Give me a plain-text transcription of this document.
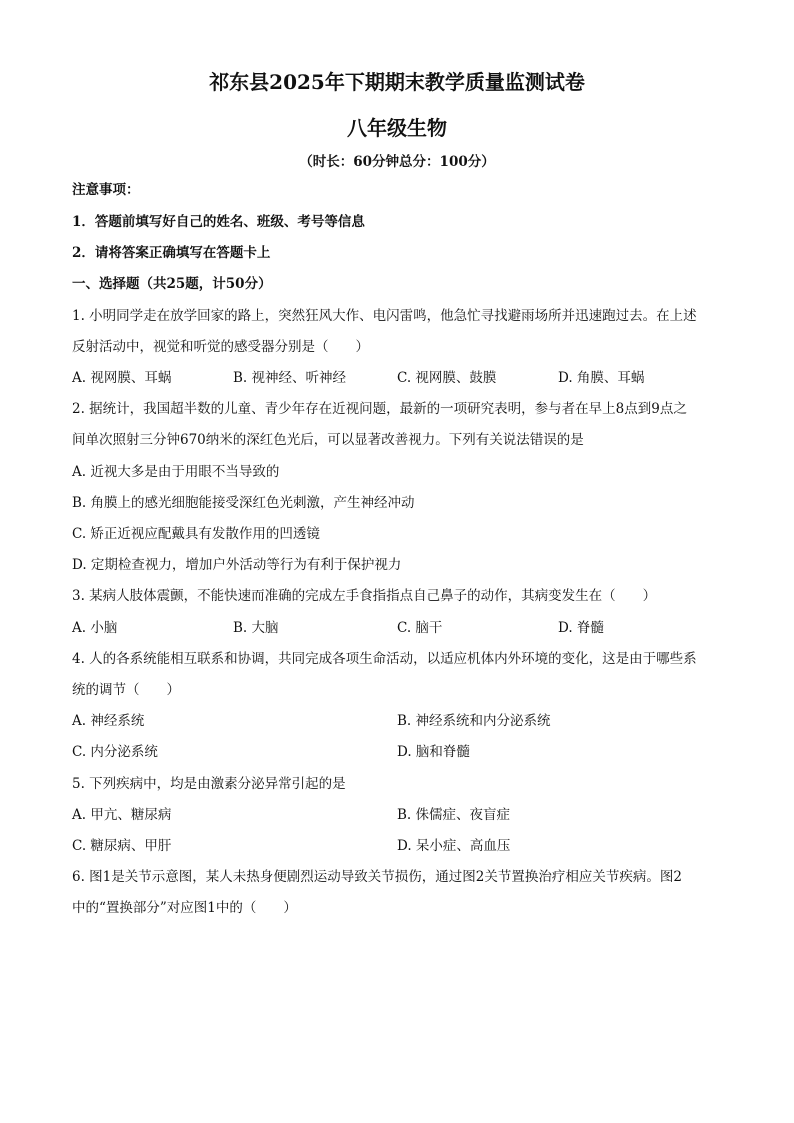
祁东县2025年下期期末教学质量监测试卷
八年级生物
（时长：60分钟总分：100分）
注意事项：
1．答题前填写好自己的姓名、班级、考号等信息
2．请将答案正确填写在答题卡上
一、选择题（共25题，计50分）
1. 小明同学走在放学回家的路上，突然狂风大作、电闪雷鸣，他急忙寻找避雨场所并迅速跑过去。在上述
反射活动中，视觉和听觉的感受器分别是（　　）
A. 视网膜、耳蜗	B. 视神经、听神经	C. 视网膜、鼓膜	D. 角膜、耳蜗
2. 据统计，我国超半数的儿童、青少年存在近视问题，最新的一项研究表明，参与者在早上8点到9点之
间单次照射三分钟670纳米的深红色光后，可以显著改善视力。下列有关说法错误的是
A. 近视大多是由于用眼不当导致的
B. 角膜上的感光细胞能接受深红色光刺激，产生神经冲动
C. 矫正近视应配戴具有发散作用的凹透镜
D. 定期检查视力，增加户外活动等行为有利于保护视力
3. 某病人肢体震颤，不能快速而准确的完成左手食指指点自己鼻子的动作，其病变发生在（　　）
A. 小脑	B. 大脑	C. 脑干	D. 脊髓
4. 人的各系统能相互联系和协调，共同完成各项生命活动，以适应机体内外环境的变化，这是由于哪些系
统的调节（　　）
A. 神经系统	B. 神经系统和内分泌系统
C. 内分泌系统	D. 脑和脊髓
5. 下列疾病中，均是由激素分泌异常引起的是
A. 甲亢、糖尿病	B. 侏儒症、夜盲症
C. 糖尿病、甲肝	D. 呆小症、高血压
6. 图1是关节示意图，某人未热身便剧烈运动导致关节损伤，通过图2关节置换治疗相应关节疾病。图2
中的“置换部分”对应图1中的（　　）
